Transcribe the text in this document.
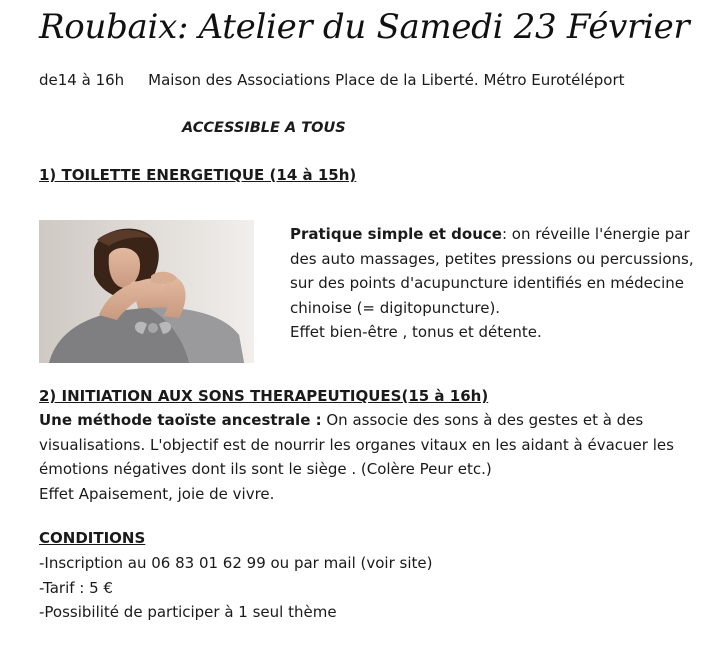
Roubaix: Atelier du Samedi 23 Février
de14 à 16h Maison des Associations Place de la Liberté. Métro Eurotéléport
ACCESSIBLE A TOUS
1) TOILETTE ENERGETIQUE (14 à 15h)
Pratique simple et douce: on réveille l'énergie par
des auto massages, petites pressions ou percussions,
sur des points d'acupuncture identifiés en médecine
chinoise (= digitopuncture).
Effet bien-être , tonus et détente.
2) INITIATION AUX SONS THERAPEUTIQUES(15 à 16h)
Une méthode taoïste ancestrale : On associe des sons à des gestes et à des
visualisations. L'objectif est de nourrir les organes vitaux en les aidant à évacuer les
émotions négatives dont ils sont le siège . (Colère Peur etc.)
Effet Apaisement, joie de vivre.
CONDITIONS
-Inscription au 06 83 01 62 99 ou par mail (voir site)
-Tarif : 5 €
-Possibilité de participer à 1 seul thème
